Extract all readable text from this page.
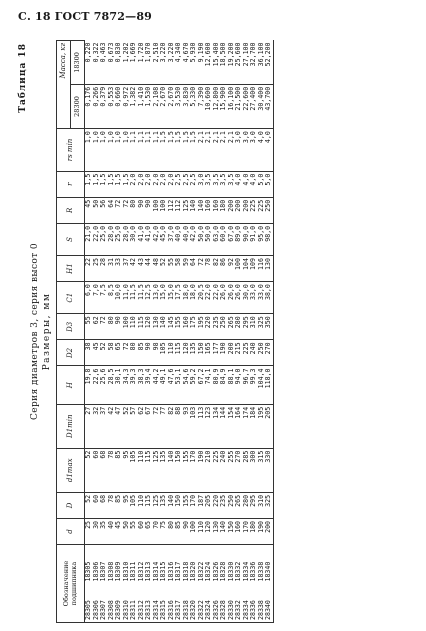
С. 18 ГОСТ 7872—89
Таблица 18
Серия диаметров 3, серия высот 0 Размеры, мм
Обозначение подшипника		d	D	d1max	D1min	H	D2	D3	C1	H1	S	R	r	rs min	Масса, кг	
															28300	18300
28305	18305	25	52	52	27	19,8	38	55	6,0	22	21,0	45	1,5	1,0	0,176	0,220
28306	18306	30	60	60	32	22,6	45	62	7,0	25	22,0	50	1,5	1,0	0,266	0,322
28307	18307	35	68	68	37	25,6	52	72	7,5	28	25,0	56	1,5	1,0	0,379	0,463
28308	18308	40	78	78	42	28,5	58	80	8,5	31	28,0	64	1,5	1,0	0,553	0,673
28309	18309	45	85	85	47	30,1	65	90	10,0	33	25,0	72	1,5	1,0	0,660	0,830
28310	18310	50	95	95	52	34,3	72	100	11,0	37	28,0	72	1,5	1,0	0,972	1,202
28311	18311	55	105	105	57	39,3	80	110	11,5	42	30,0	80	2,0	1,1	1,382	1,669
28312	18312	60	110	110	62	38,3	85	115	11,5	43	41,0	90	2,0	1,1	1,410	1,720
28313	18313	65	115	115	67	39,4	90	120	12,5	44	41,0	90	2,0	1,1	1,530	1,870
28314	18314	70	125	125	72	44,2	98	130	13,0	48	42,0	100	2,0	1,1	2,108	2,510
28315	18315	75	135	135	77	49,1	105	140	15,0	52	45,0	100	2,0	1,5	2,670	3,220
28316	18316	80	140	140	82	47,6	110	145	15,0	55	37,0	112	2,0	1,5	2,670	3,220
28317	18317	85	150	150	88	53,1	115	155	17,5	58	40,0	112	2,5	1,5	3,530	4,340
28318	18318	90	155	155	93	54,6	120	160	18,0	59	40,0	125	2,5	1,5	3,830	4,670
28320	18320	100	170	170	103	59,2	135	175	18,0	64	42,0	140	2,5	1,5	5,330	5,930
28322	18322	110	187	190	113	67,2	150	195	20,5	72	50,0	140	3,0	2,1	7,390	9,190
28324	18324	120	205	210	123	74,1	165	220	22,0	78	50,0	160	3,5	2,1	10,600	12,600
28326	18326	130	220	225	134	80,9	177	235	22,0	82	63,0	160	3,5	2,1	12,800	15,400
28328	18328	140	235	240	144	84,9	190	250	26,0	86	60,0	180	3,5	2,1	15,900	18,500
28330	18330	150	250	255	154	88,1	200	265	26,0	92	67,0	200	3,5	2,1	16,100	19,200
28332	18332	160	265	270	164	94,0	215	280	26,0	100	89,0	200	4,0	3,0	21,500	25,600
28334	18334	170	280	285	174	96,7	225	295	30,0	104	90,0	200	4,0	3,0	22,600	27,100
28336	18336	180	295	300	184	99,3	240	310	33,0	109	91,0	225	4,0	3,0	27,400	32,700
28338	18338	190	310	315	195	104,4	250	325	33,0	116	95,0	225	5,0	4,0	30,400	36,100
28340	18340	200	325	330	205	118,0	270	350	38,0	130	98,0	250	5,0	4,0	43,700	52,200
